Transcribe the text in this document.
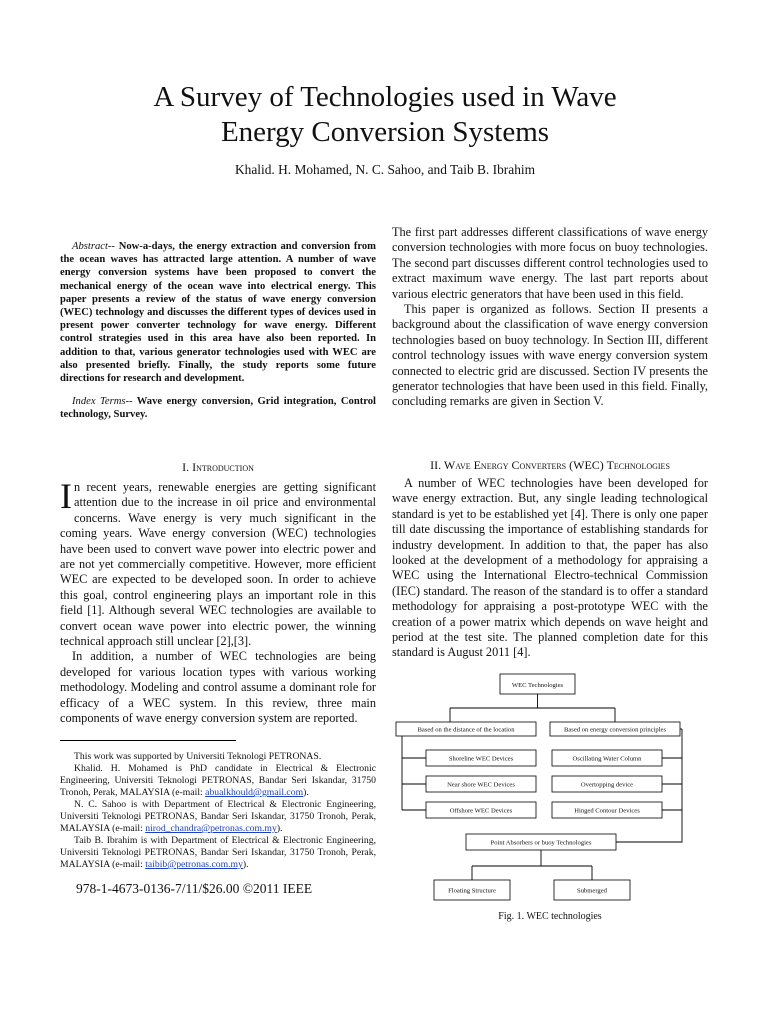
A Survey of Technologies used in Wave
Energy Conversion Systems
Khalid. H. Mohamed, N. C. Sahoo, and Taib B. Ibrahim

Abstract-- Now-a-days, the energy extraction and conversion from the ocean waves has attracted large attention. A number of wave energy conversion systems have been proposed to convert the mechanical energy of the ocean wave into electrical energy. This paper presents a review of the status of wave energy conversion (WEC) technology and discusses the different types of devices used in present power converter technology for wave energy. Different control strategies used in this area have also been reported. In addition to that, various generator technologies used with WEC are also presented briefly. Finally, the study reports some future directions for research and development.

Index Terms-- Wave energy conversion, Grid integration, Control technology, Survey.

I. Introduction

In recent years, renewable energies are getting significant attention due to the increase in oil price and environmental concerns. Wave energy is very much significant in the coming years. Wave energy conversion (WEC) technologies have been used to convert wave power into electric power and are not yet commercially competitive. However, more efficient WEC are expected to be developed soon. In order to achieve this goal, control engineering plays an important role in this field [1]. Although several WEC technologies are available to convert ocean wave power into electric power, the winning technical approach still unclear [2],[3].

In addition, a number of WEC technologies are being developed for various location types with various working methodology. Modeling and control assume a dominant role for efficacy of a WEC system. In this review, three main components of wave energy conversion system are reported.

This work was supported by Universiti Teknologi PETRONAS.

Khalid. H. Mohamed is PhD candidate in Electrical & Electronic Engineering, Universiti Teknologi PETRONAS, Bandar Seri Iskandar, 31750 Tronoh, Perak, MALAYSIA (e-mail: abualkhould@gmail.com).

N. C. Sahoo is with Department of Electrical & Electronic Engineering, Universiti Teknologi PETRONAS, Bandar Seri Iskandar, 31750 Tronoh, Perak, MALAYSIA (e-mail: nirod_chandra@petronas.com.my).

Taib B. Ibrahim is with Department of Electrical & Electronic Engineering, Universiti Teknologi PETRONAS, Bandar Seri Iskandar, 31750 Tronoh, Perak, MALAYSIA (e-mail: taibib@petronas.com.my).

978-1-4673-0136-7/11/$26.00 ©2011 IEEE

The first part addresses different classifications of wave energy conversion technologies with more focus on buoy technologies. The second part discusses different control technologies used to extract maximum wave energy. The last part reports about various electric generators that have been used in this field.

This paper is organized as follows. Section II presents a background about the classification of wave energy conversion technologies based on buoy technology. In Section III, different control technology issues with wave energy conversion system connected to electric grid are discussed. Section IV presents the generator technologies that have been used in this field. Finally, concluding remarks are given in Section V.

II. Wave Energy Converters (WEC) Technologies

A number of WEC technologies have been developed for wave energy extraction. But, any single leading technological standard is yet to be established yet [4]. There is only one paper till date discussing the importance of establishing standards for industry development. In addition to that, the paper has also looked at the development of a methodology for appraising a WEC using the International Electro-technical Commission (IEC) standard. The reason of the standard is to offer a standard methodology for appraising a post-prototype WEC with the creation of a power matrix which depends on wave height and period at the test site. The planned completion date for this standard is August 2011 [4].

WEC Technologies
Based on the distance of the location	Based on energy conversion principles
Shoreline WEC Devices
Near shore WEC Devices
Offshore WEC Devices
Oscillating Water Column
Overtopping device
Hinged Contour Devices
Point Absorbers or buoy Technologies
Floating Structure	Submerged
Fig. 1. WEC technologies
